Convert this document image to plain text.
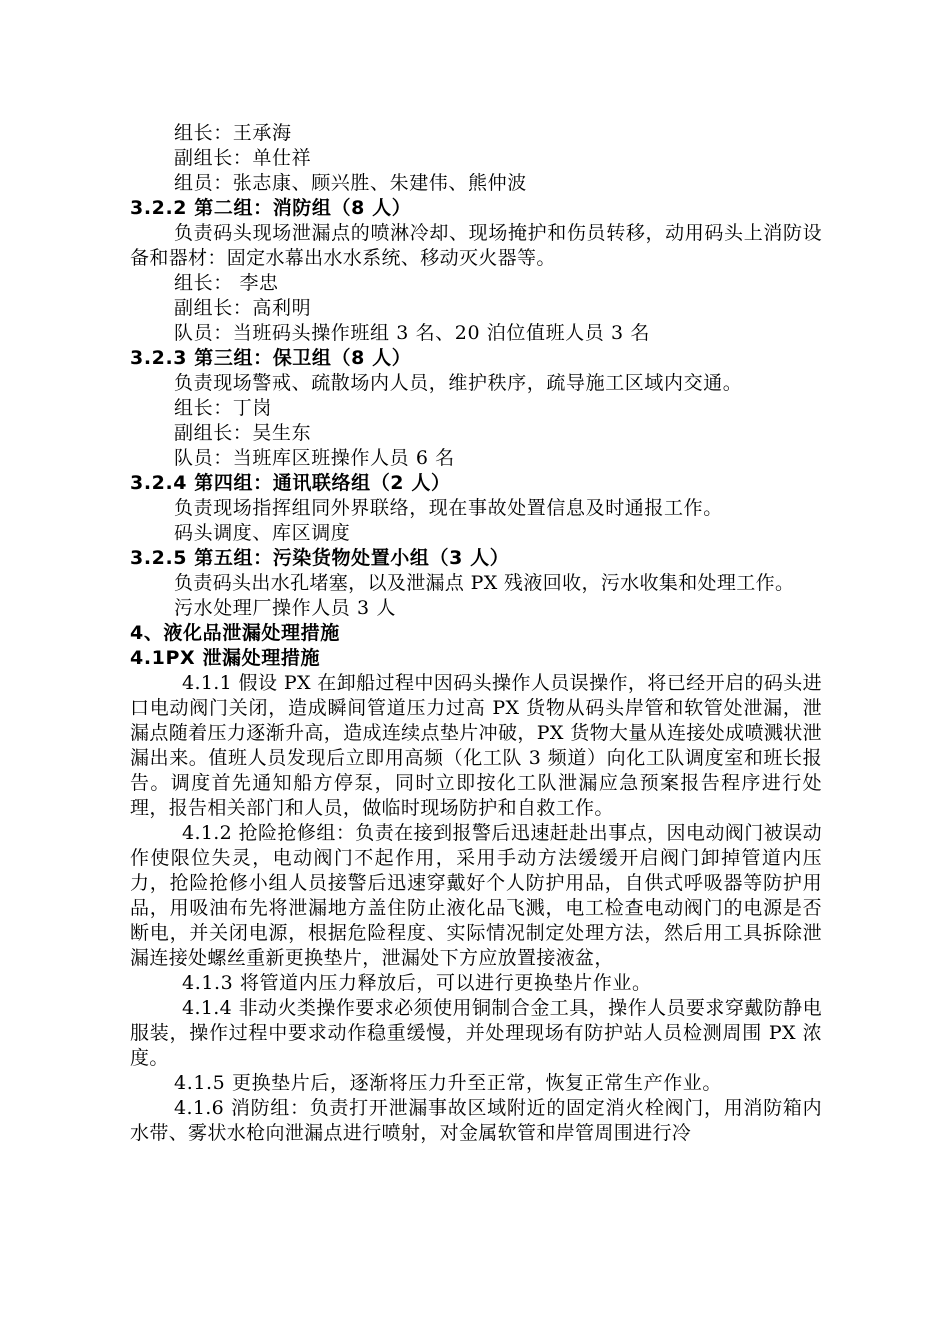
组长：王承海
副组长：单仕祥
组员：张志康、顾兴胜、朱建伟、熊仲波
3.2.2 第二组：消防组（8 人）
负责码头现场泄漏点的喷淋冷却、现场掩护和伤员转移，动用码头上消防设备和器材：固定水幕出水水系统、移动灭火器等。
组长： 李忠
副组长：高利明
队员：当班码头操作班组 3 名、20 泊位值班人员 3 名
3.2.3 第三组：保卫组（8 人）
负责现场警戒、疏散场内人员，维护秩序，疏导施工区域内交通。
组长：丁岗
副组长：吴生东
队员：当班库区班操作人员 6 名
3.2.4 第四组：通讯联络组（2 人）
负责现场指挥组同外界联络，现在事故处置信息及时通报工作。
码头调度、库区调度
3.2.5 第五组：污染货物处置小组（3 人）
负责码头出水孔堵塞，以及泄漏点 PX 残液回收，污水收集和处理工作。
污水处理厂操作人员 3 人
4、液化品泄漏处理措施
4.1PX 泄漏处理措施
4.1.1 假设 PX 在卸船过程中因码头操作人员误操作，将已经开启的码头进口电动阀门关闭，造成瞬间管道压力过高 PX 货物从码头岸管和软管处泄漏，泄漏点随着压力逐渐升高，造成连续点垫片冲破，PX 货物大量从连接处成喷溅状泄漏出来。值班人员发现后立即用高频（化工队 3 频道）向化工队调度室和班长报告。调度首先通知船方停泵，同时立即按化工队泄漏应急预案报告程序进行处理，报告相关部门和人员，做临时现场防护和自救工作。
4.1.2 抢险抢修组：负责在接到报警后迅速赶赴出事点，因电动阀门被误动作使限位失灵，电动阀门不起作用，采用手动方法缓缓开启阀门卸掉管道内压力，抢险抢修小组人员接警后迅速穿戴好个人防护用品，自供式呼吸器等防护用品，用吸油布先将泄漏地方盖住防止液化品飞溅，电工检查电动阀门的电源是否断电，并关闭电源，根据危险程度、实际情况制定处理方法，然后用工具拆除泄漏连接处螺丝重新更换垫片，泄漏处下方应放置接液盆，
4.1.3 将管道内压力释放后，可以进行更换垫片作业。
4.1.4 非动火类操作要求必须使用铜制合金工具，操作人员要求穿戴防静电服装，操作过程中要求动作稳重缓慢，并处理现场有防护站人员检测周围 PX 浓度。
4.1.5 更换垫片后，逐渐将压力升至正常，恢复正常生产作业。
4.1.6 消防组：负责打开泄漏事故区域附近的固定消火栓阀门，用消防箱内水带、雾状水枪向泄漏点进行喷射，对金属软管和岸管周围进行冷
